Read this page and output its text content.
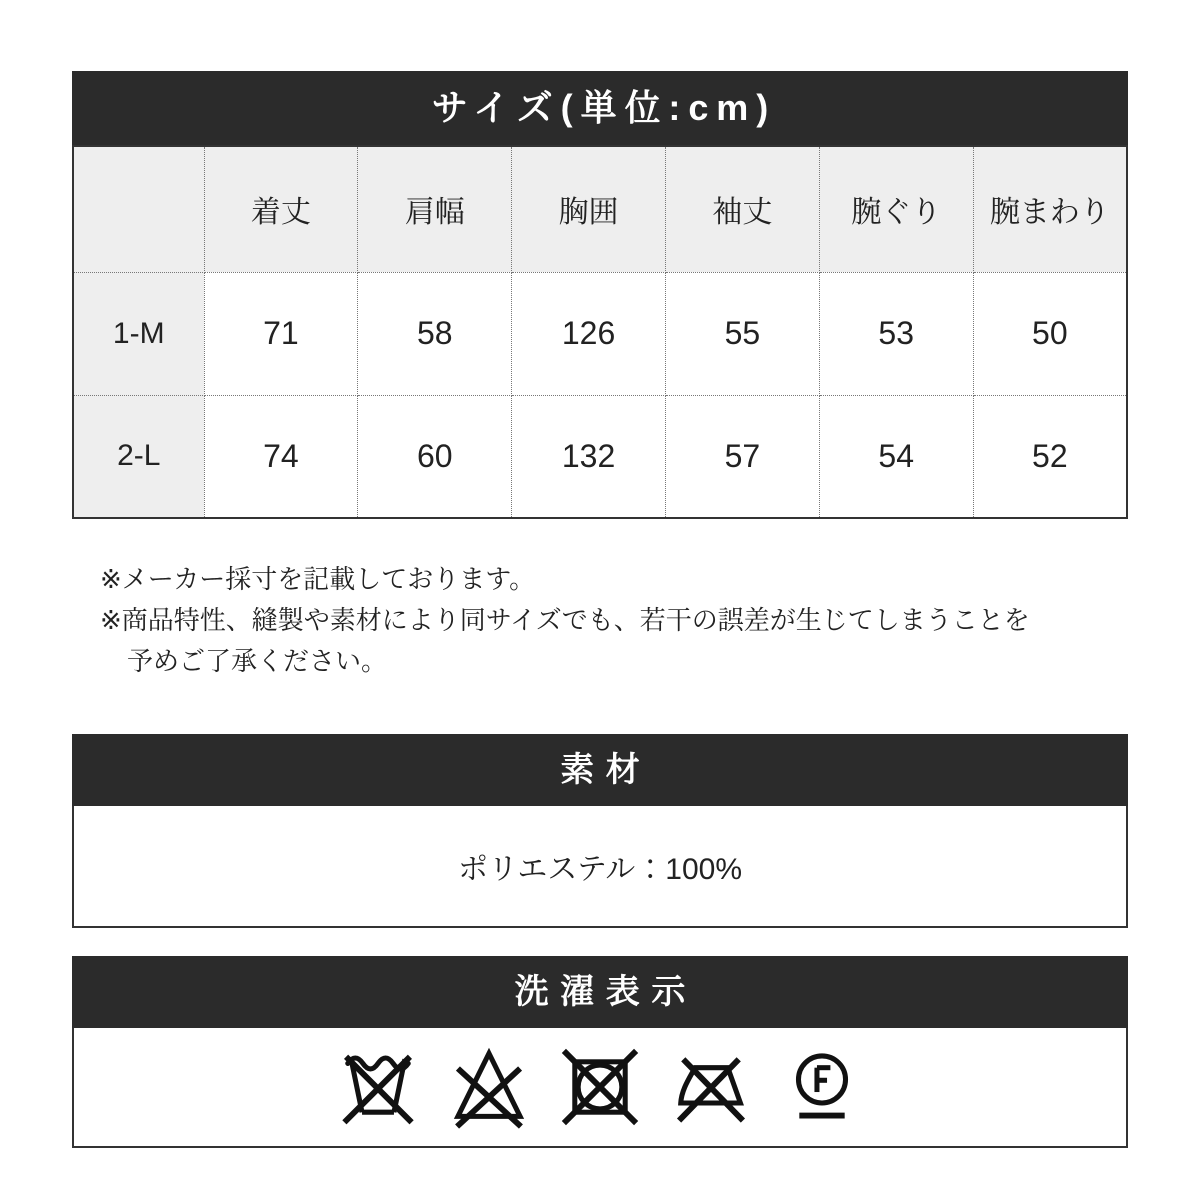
サイズ(単位:cm)
	着丈	肩幅	胸囲	袖丈	腕ぐり	腕まわり
1-M	71	58	126	55	53	50
2-L	74	60	132	57	54	52

※メーカー採寸を記載しております。

※商品特性、縫製や素材により同サイズでも、若干の誤差が生じてしまうことを

予めご了承ください。

素材
ポリエステル：100%
洗濯表示
